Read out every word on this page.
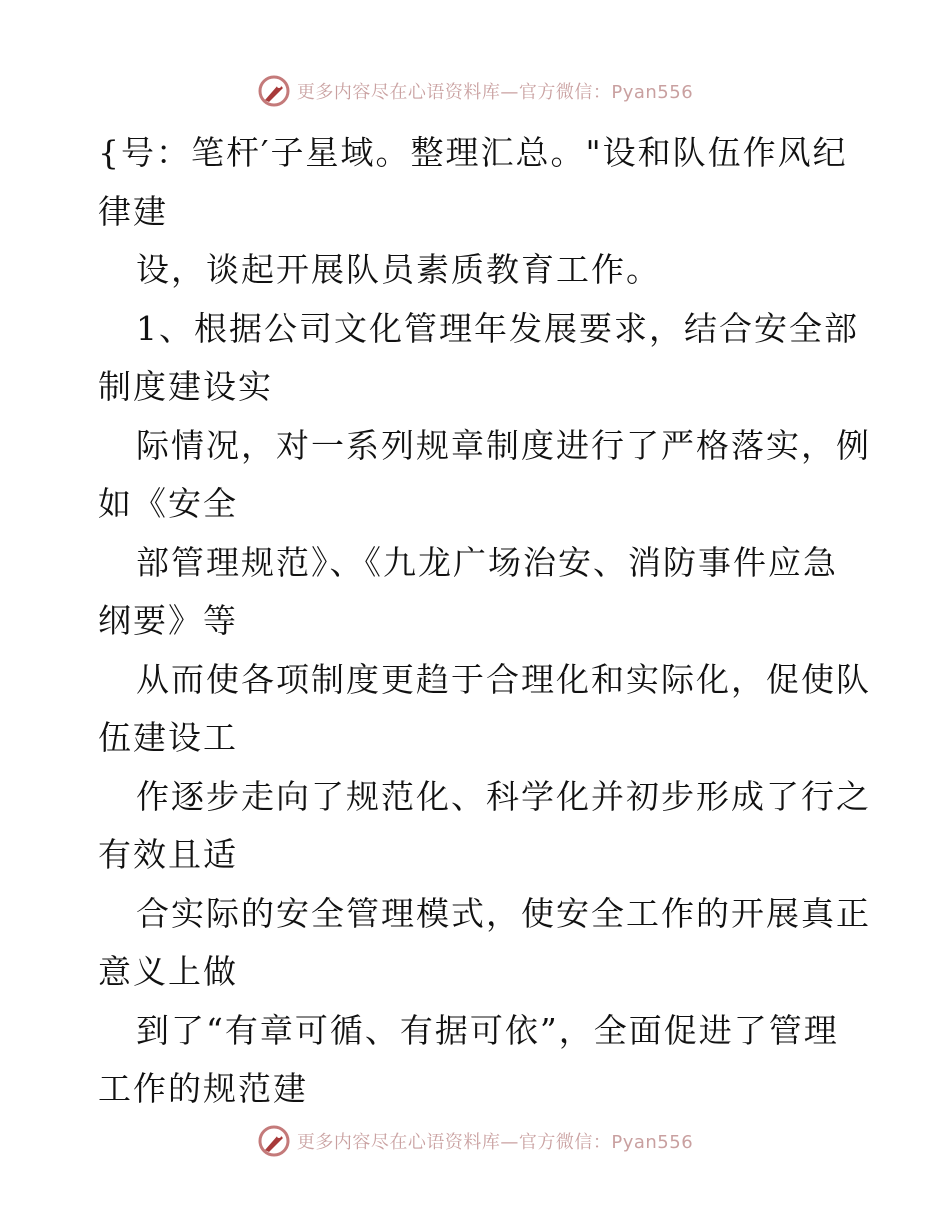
更多内容尽在心语资料库—官方微信：Pyan556
{号：笔杆′子星域。整理汇总。"设和队伍作风纪
律建
设，谈起开展队员素质教育工作。
1、根据公司文化管理年发展要求，结合安全部
制度建设实
际情况，对一系列规章制度进行了严格落实，例
如《安全
部管理规范》、《九龙广场治安、消防事件应急
纲要》等
从而使各项制度更趋于合理化和实际化，促使队
伍建设工
作逐步走向了规范化、科学化并初步形成了行之
有效且适
合实际的安全管理模式，使安全工作的开展真正
意义上做
到了“有章可循、有据可依”，全面促进了管理
工作的规范建
更多内容尽在心语资料库—官方微信：Pyan556
